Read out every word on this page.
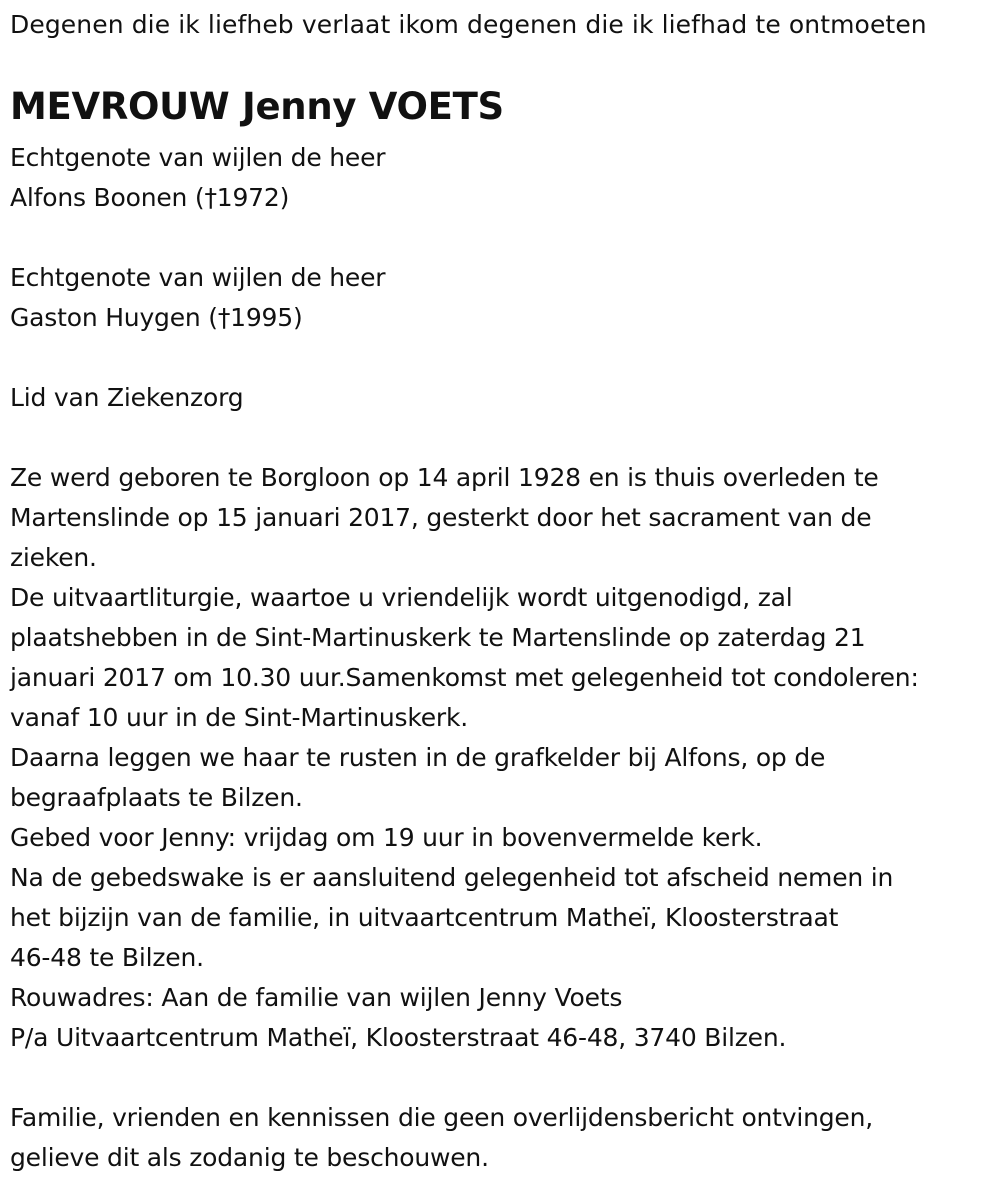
Degenen die ik liefheb verlaat ikom degenen die ik liefhad te ontmoeten
MEVROUW Jenny VOETS
Echtgenote van wijlen de heer
Alfons Boonen (†1972)
Echtgenote van wijlen de heer
Gaston Huygen (†1995)
Lid van Ziekenzorg
Ze werd geboren te Borgloon op 14 april 1928 en is thuis overleden te
Martenslinde op 15 januari 2017, gesterkt door het sacrament van de
zieken.
De uitvaartliturgie, waartoe u vriendelijk wordt uitgenodigd, zal
plaatshebben in de Sint-Martinuskerk te Martenslinde op zaterdag 21
januari 2017 om 10.30 uur.Samenkomst met gelegenheid tot condoleren:
vanaf 10 uur in de Sint-Martinuskerk.
Daarna leggen we haar te rusten in de grafkelder bij Alfons, op de
begraafplaats te Bilzen.
Gebed voor Jenny: vrijdag om 19 uur in bovenvermelde kerk.
Na de gebedswake is er aansluitend gelegenheid tot afscheid nemen in
het bijzijn van de familie, in uitvaartcentrum Matheï, Kloosterstraat
46-48 te Bilzen.
Rouwadres: Aan de familie van wijlen Jenny Voets
P/a Uitvaartcentrum Matheï, Kloosterstraat 46-48, 3740 Bilzen.
Familie, vrienden en kennissen die geen overlijdensbericht ontvingen,
gelieve dit als zodanig te beschouwen.
